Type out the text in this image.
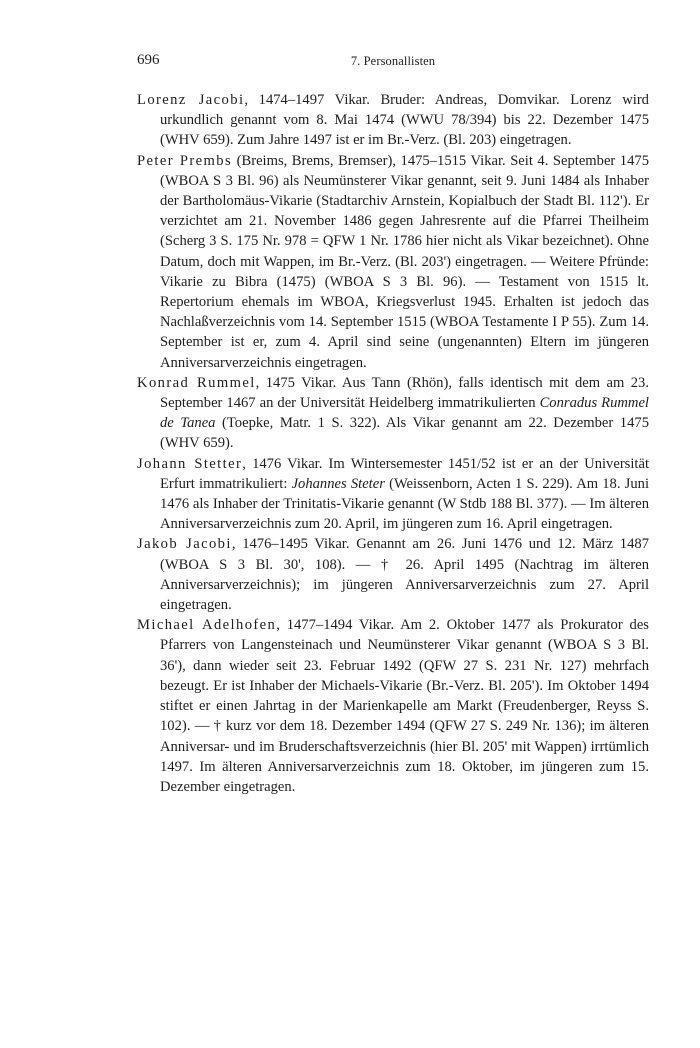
696	7. Personallisten

Lorenz Jacobi, 1474–1497 Vikar. Bruder: Andreas, Domvikar. Lorenz wird urkundlich genannt vom 8. Mai 1474 (WWU 78/394) bis 22. Dezember 1475 (WHV 659). Zum Jahre 1497 ist er im Br.-Verz. (Bl. 203) eingetragen.

Peter Prembs (Breims, Brems, Bremser), 1475–1515 Vikar. Seit 4. September 1475 (WBOA S 3 Bl. 96) als Neumünsterer Vikar genannt, seit 9. Juni 1484 als Inhaber der Bartholomäus-Vikarie (Stadtarchiv Arnstein, Kopialbuch der Stadt Bl. 112'). Er verzichtet am 21. November 1486 gegen Jahresrente auf die Pfarrei Theilheim (Scherg 3 S. 175 Nr. 978 = QFW 1 Nr. 1786 hier nicht als Vikar bezeichnet). Ohne Datum, doch mit Wappen, im Br.-Verz. (Bl. 203') eingetragen. — Weitere Pfründe: Vikarie zu Bibra (1475) (WBOA S 3 Bl. 96). — Testament von 1515 lt. Repertorium ehemals im WBOA, Kriegsverlust 1945. Erhalten ist jedoch das Nachlaßverzeichnis vom 14. September 1515 (WBOA Testamente I P 55). Zum 14. September ist er, zum 4. April sind seine (ungenannten) Eltern im jüngeren Anniversarverzeichnis eingetragen.

Konrad Rummel, 1475 Vikar. Aus Tann (Rhön), falls identisch mit dem am 23. September 1467 an der Universität Heidelberg immatrikulierten Conradus Rummel de Tanea (Toepke, Matr. 1 S. 322). Als Vikar genannt am 22. Dezember 1475 (WHV 659).

Johann Stetter, 1476 Vikar. Im Wintersemester 1451/52 ist er an der Universität Erfurt immatrikuliert: Johannes Steter (Weissenborn, Acten 1 S. 229). Am 18. Juni 1476 als Inhaber der Trinitatis-Vikarie genannt (W Stdb 188 Bl. 377). — Im älteren Anniversarverzeichnis zum 20. April, im jüngeren zum 16. April eingetragen.

Jakob Jacobi, 1476–1495 Vikar. Genannt am 26. Juni 1476 und 12. März 1487 (WBOA S 3 Bl. 30', 108). — † 26. April 1495 (Nachtrag im älteren Anniversarverzeichnis); im jüngeren Anniversarverzeichnis zum 27. April eingetragen.

Michael Adelhofen, 1477–1494 Vikar. Am 2. Oktober 1477 als Prokurator des Pfarrers von Langensteinach und Neumünsterer Vikar genannt (WBOA S 3 Bl. 36'), dann wieder seit 23. Februar 1492 (QFW 27 S. 231 Nr. 127) mehrfach bezeugt. Er ist Inhaber der Michaels-Vikarie (Br.-Verz. Bl. 205'). Im Oktober 1494 stiftet er einen Jahrtag in der Marienkapelle am Markt (Freudenberger, Reyss S. 102). — † kurz vor dem 18. Dezember 1494 (QFW 27 S. 249 Nr. 136); im älteren Anniversar- und im Bruderschaftsverzeichnis (hier Bl. 205' mit Wappen) irrtümlich 1497. Im älteren Anniversarverzeichnis zum 18. Oktober, im jüngeren zum 15. Dezember eingetragen.
